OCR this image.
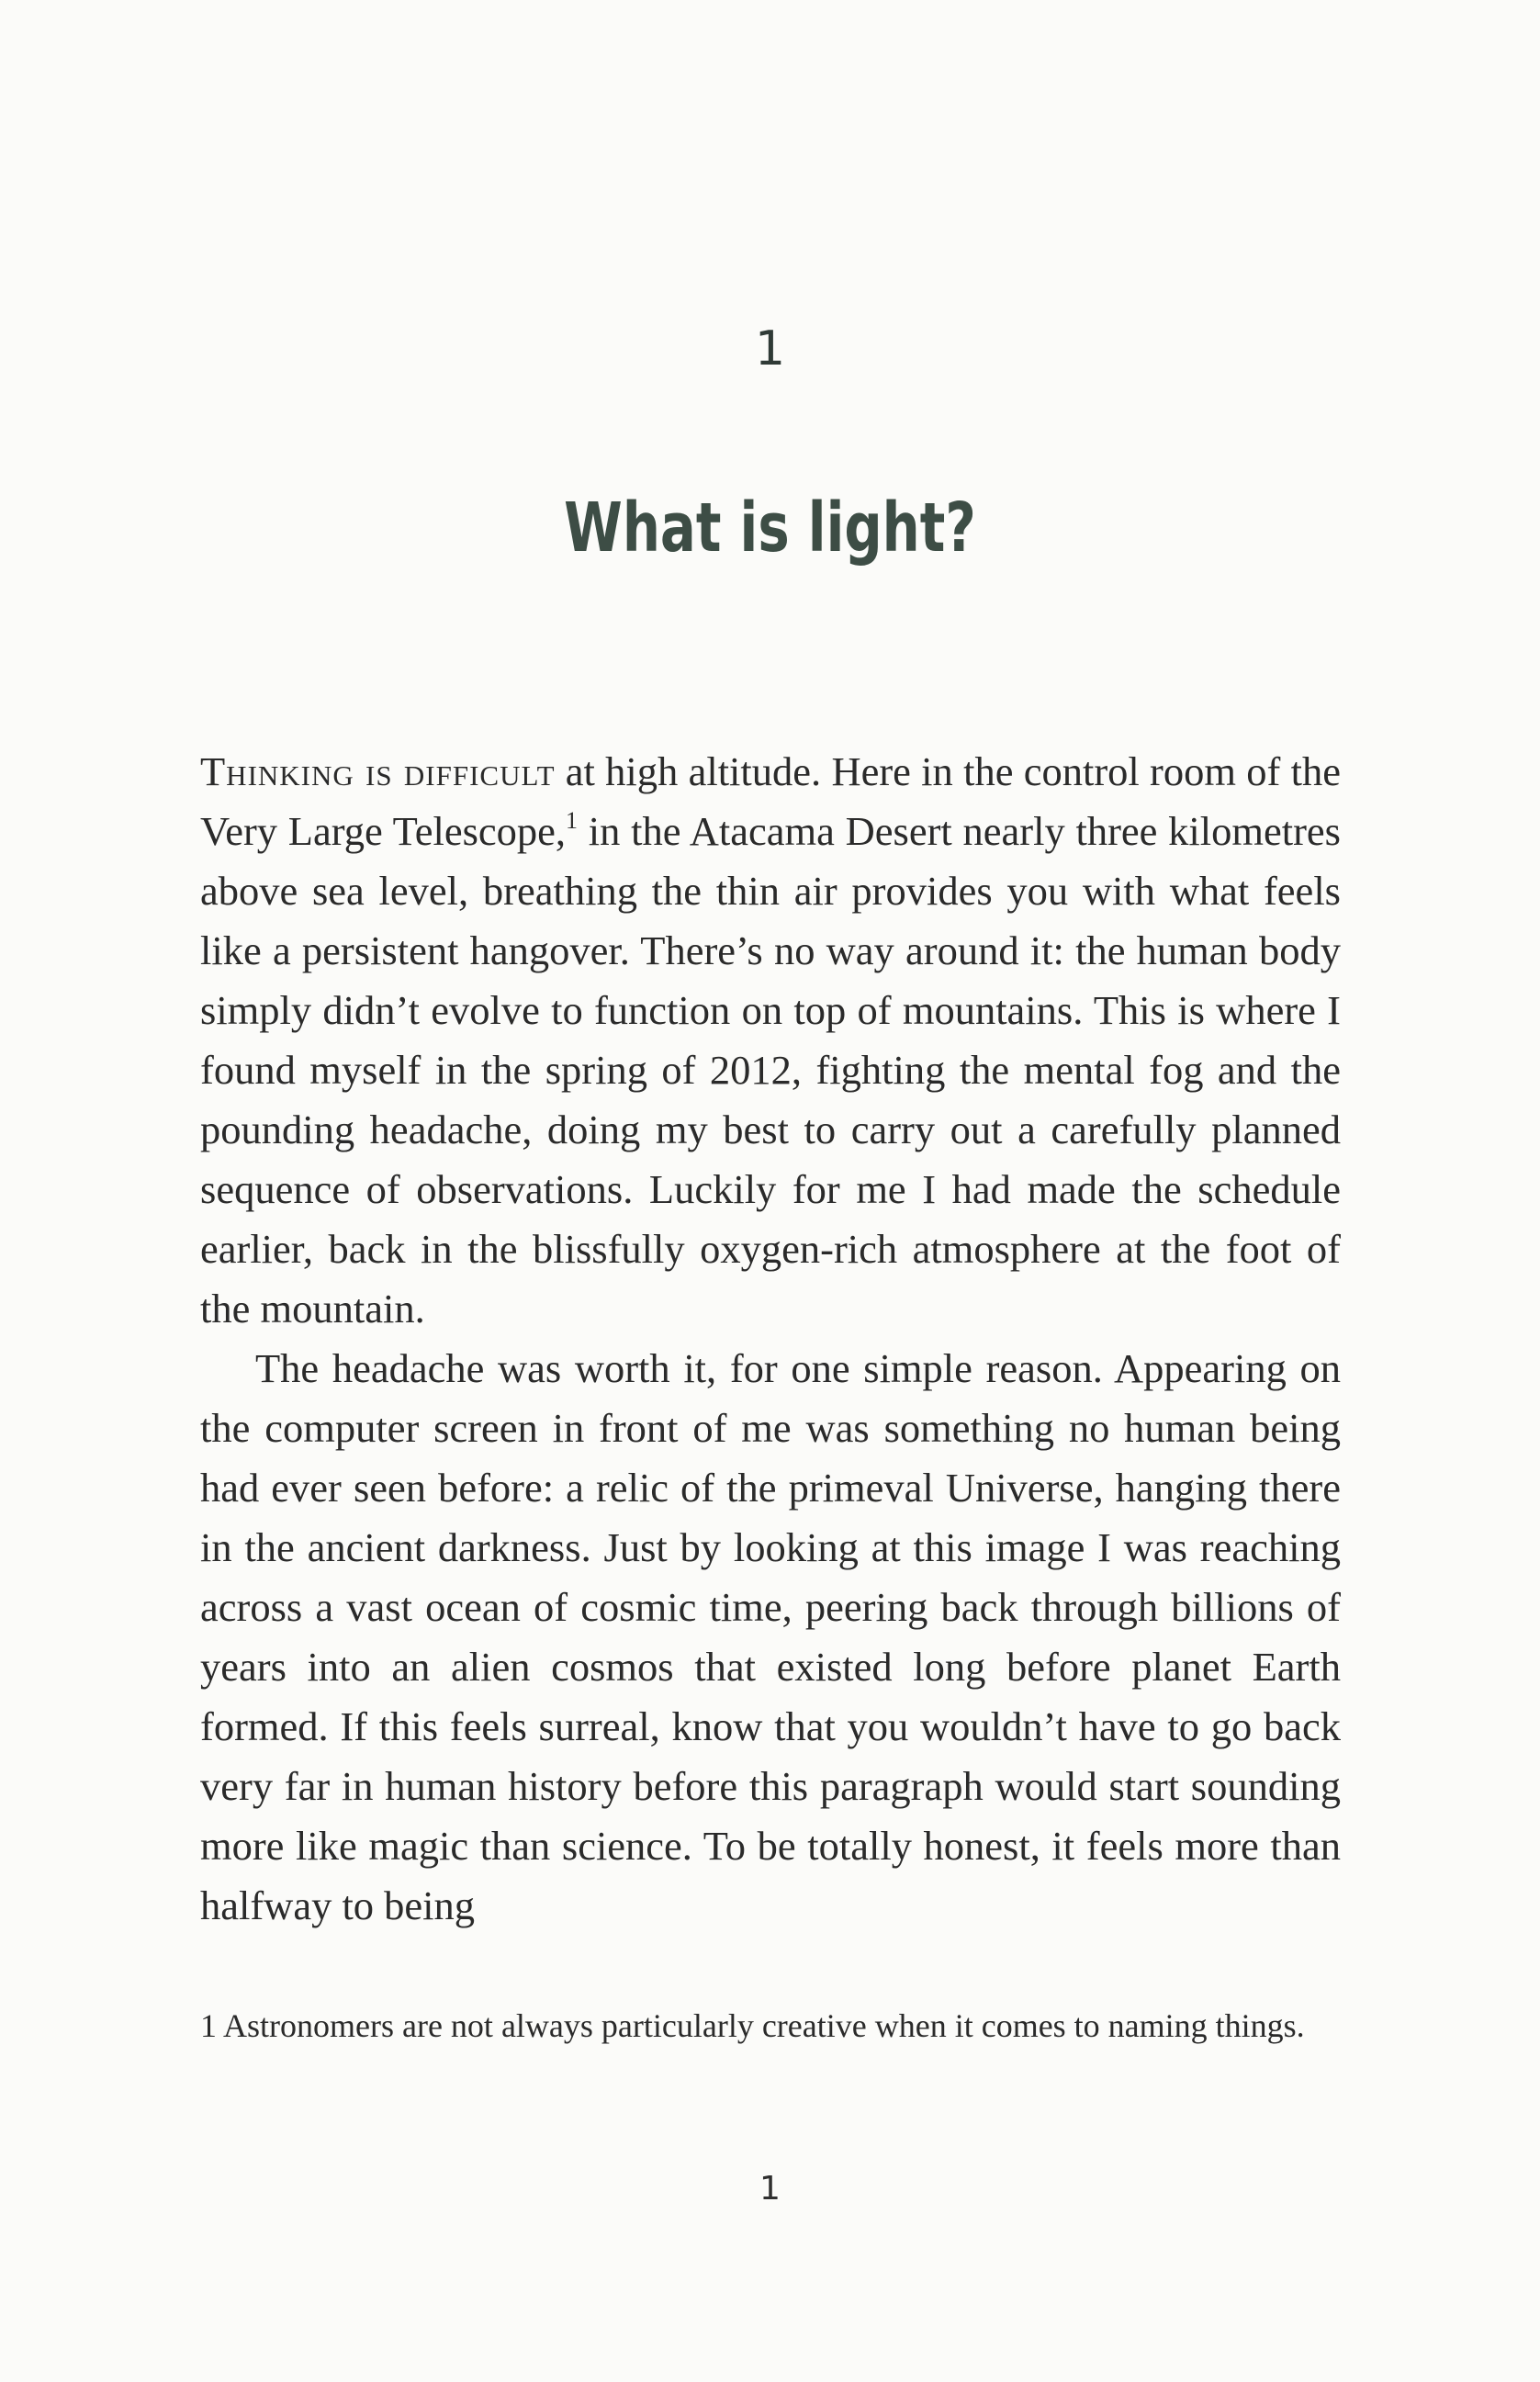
1
What is light?

Thinking is difficult at high altitude. Here in the control room of the Very Large Telescope,$^1$ in the Atacama Desert nearly three kilometres above sea level, breathing the thin air provides you with what feels like a persistent hangover. There’s no way around it: the human body simply didn’t evolve to function on top of mountains. This is where I found myself in the spring of 2012, fighting the mental fog and the pounding headache, doing my best to carry out a carefully planned sequence of observations. Luckily for me I had made the schedule earlier, back in the blissfully oxygen-rich atmosphere at the foot of the mountain.

The headache was worth it, for one simple reason. Appearing on the computer screen in front of me was something no human being had ever seen before: a relic of the primeval Universe, hanging there in the ancient darkness. Just by looking at this image I was reaching across a vast ocean of cosmic time, peering back through billions of years into an alien cosmos that existed long before planet Earth formed. If this feels surreal, know that you wouldn’t have to go back very far in human history before this paragraph would start sounding more like magic than science. To be totally honest, it feels more than halfway to being

1 Astronomers are not always particularly creative when it comes to naming things.
1
